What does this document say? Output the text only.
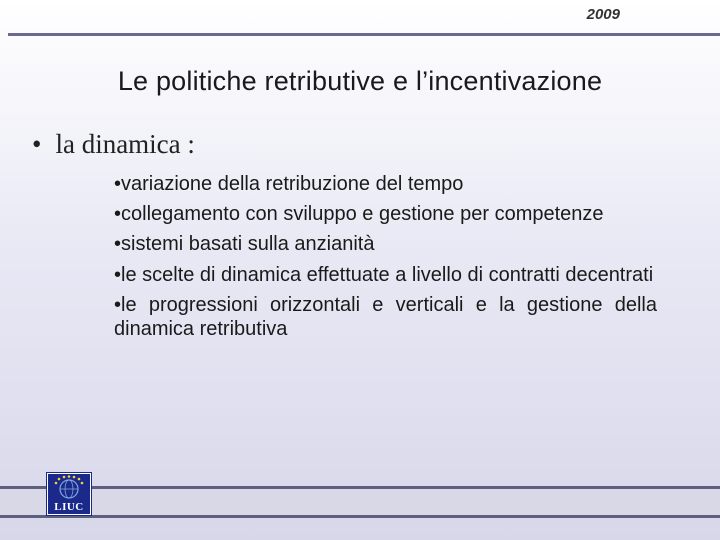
2009
Le politiche retributive e l’incentivazione
• la dinamica :
•variazione della retribuzione del tempo
•collegamento con sviluppo e gestione per competenze
•sistemi basati sulla anzianità
•le scelte di dinamica effettuate a livello di contratti decentrati
•le progressioni orizzontali e verticali e la gestione della dinamica retributiva
LIUC
